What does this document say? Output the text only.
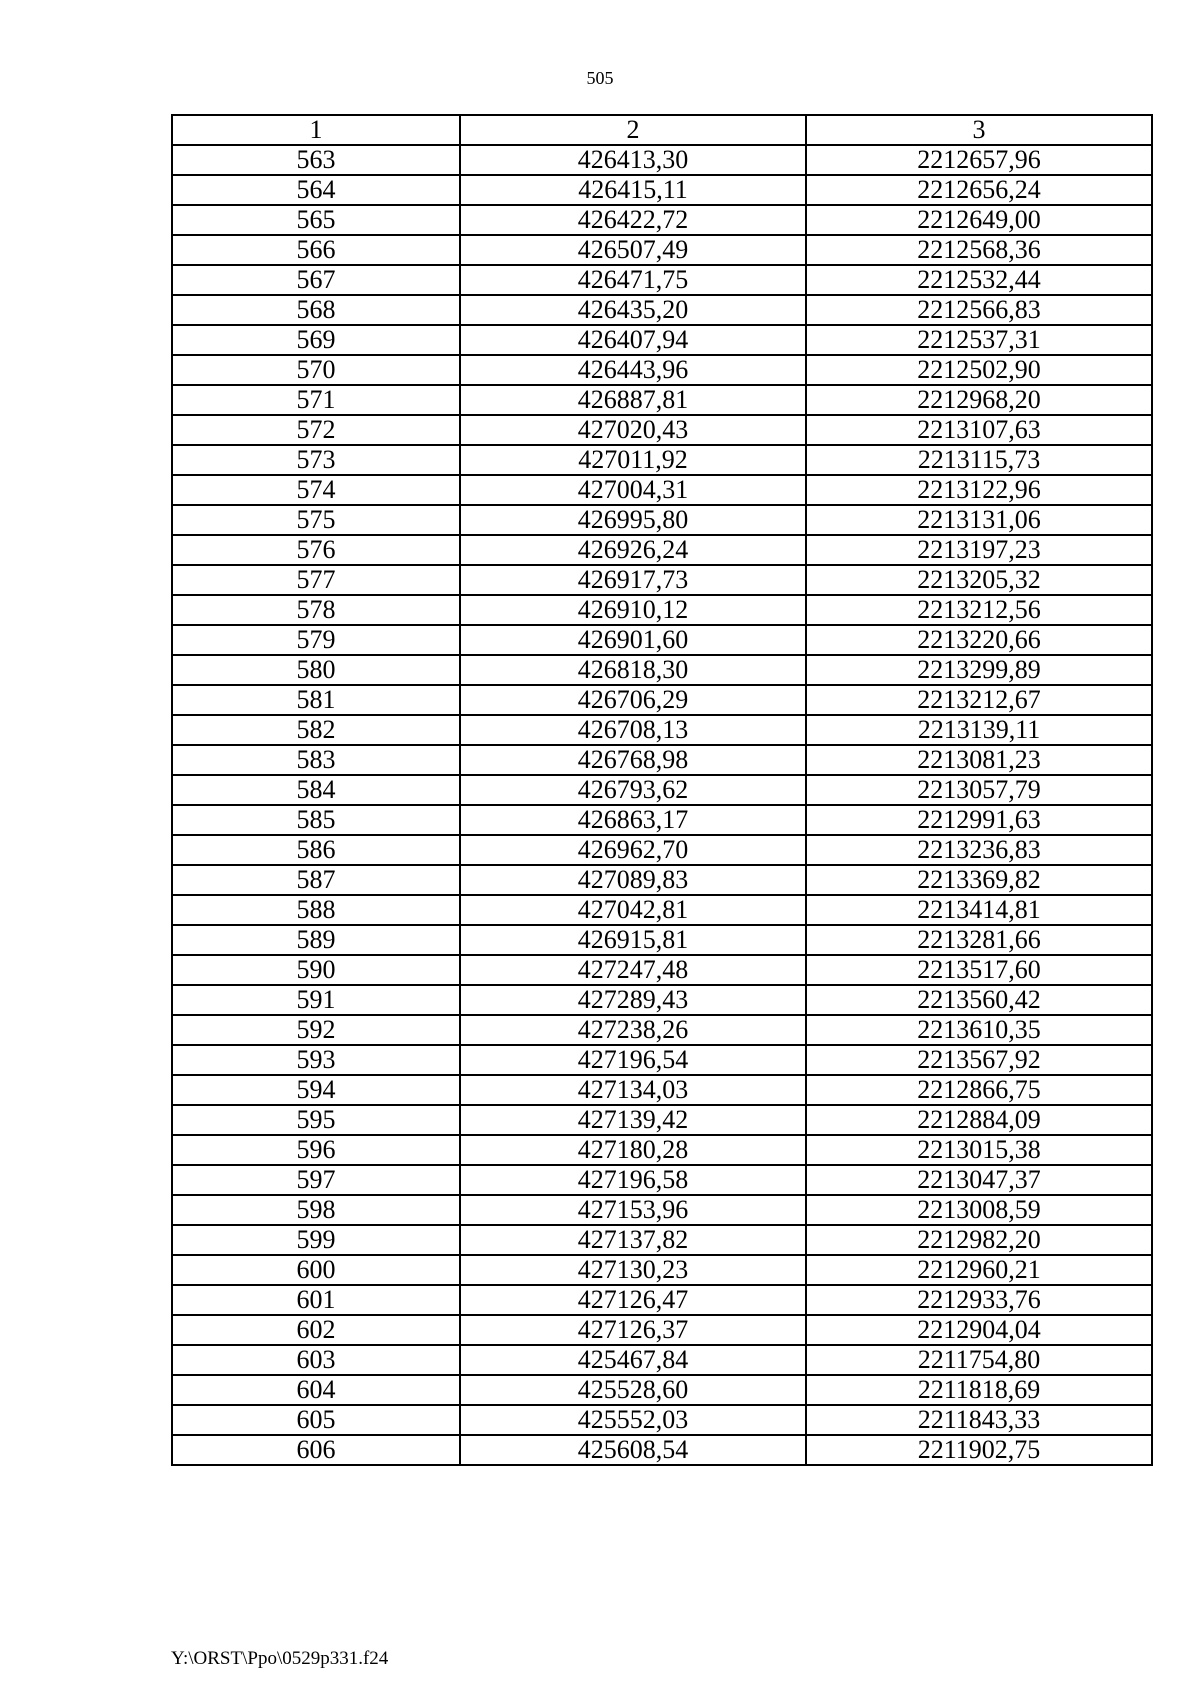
505
1	2	3
563	426413,30	2212657,96
564	426415,11	2212656,24
565	426422,72	2212649,00
566	426507,49	2212568,36
567	426471,75	2212532,44
568	426435,20	2212566,83
569	426407,94	2212537,31
570	426443,96	2212502,90
571	426887,81	2212968,20
572	427020,43	2213107,63
573	427011,92	2213115,73
574	427004,31	2213122,96
575	426995,80	2213131,06
576	426926,24	2213197,23
577	426917,73	2213205,32
578	426910,12	2213212,56
579	426901,60	2213220,66
580	426818,30	2213299,89
581	426706,29	2213212,67
582	426708,13	2213139,11
583	426768,98	2213081,23
584	426793,62	2213057,79
585	426863,17	2212991,63
586	426962,70	2213236,83
587	427089,83	2213369,82
588	427042,81	2213414,81
589	426915,81	2213281,66
590	427247,48	2213517,60
591	427289,43	2213560,42
592	427238,26	2213610,35
593	427196,54	2213567,92
594	427134,03	2212866,75
595	427139,42	2212884,09
596	427180,28	2213015,38
597	427196,58	2213047,37
598	427153,96	2213008,59
599	427137,82	2212982,20
600	427130,23	2212960,21
601	427126,47	2212933,76
602	427126,37	2212904,04
603	425467,84	2211754,80
604	425528,60	2211818,69
605	425552,03	2211843,33
606	425608,54	2211902,75
Y:\ORST\Ppo\0529p331.f24
